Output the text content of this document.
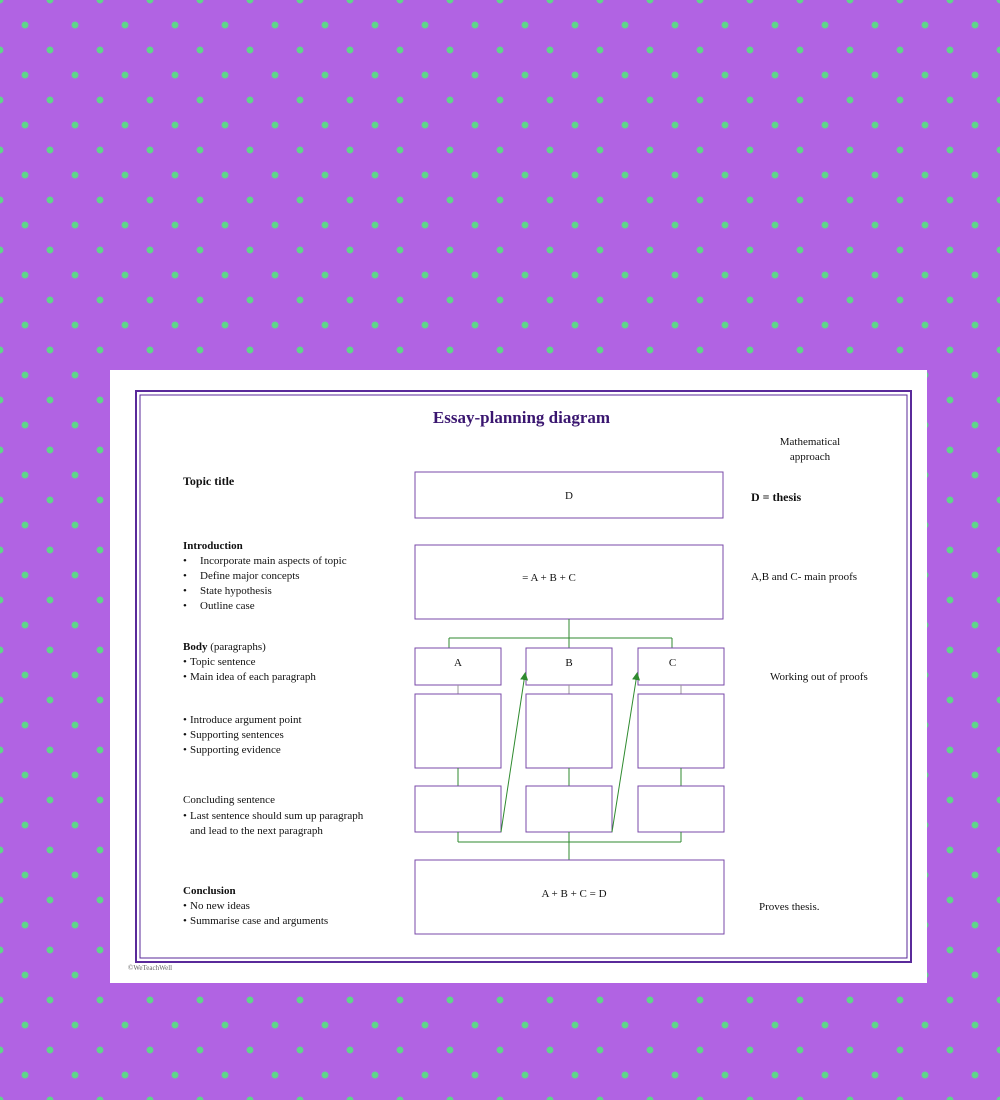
Essay-planning diagram
Mathematical
approach
Topic title
D	D = thesis
Introduction
• Incorporate main aspects of topic
• Define major concepts
• State hypothesis
• Outline case
= A + B + C	A,B and C- main proofs
Body (paragraphs)
• Topic sentence
• Main idea of each paragraph
A	B	C
Working out of proofs
• Introduce argument point
• Supporting sentences
• Supporting evidence
Concluding sentence
• Last sentence should sum up paragraph
and lead to the next paragraph
Conclusion
• No new ideas
• Summarise case and arguments
A + B + C = D
Proves thesis.
©WeTeachWell
